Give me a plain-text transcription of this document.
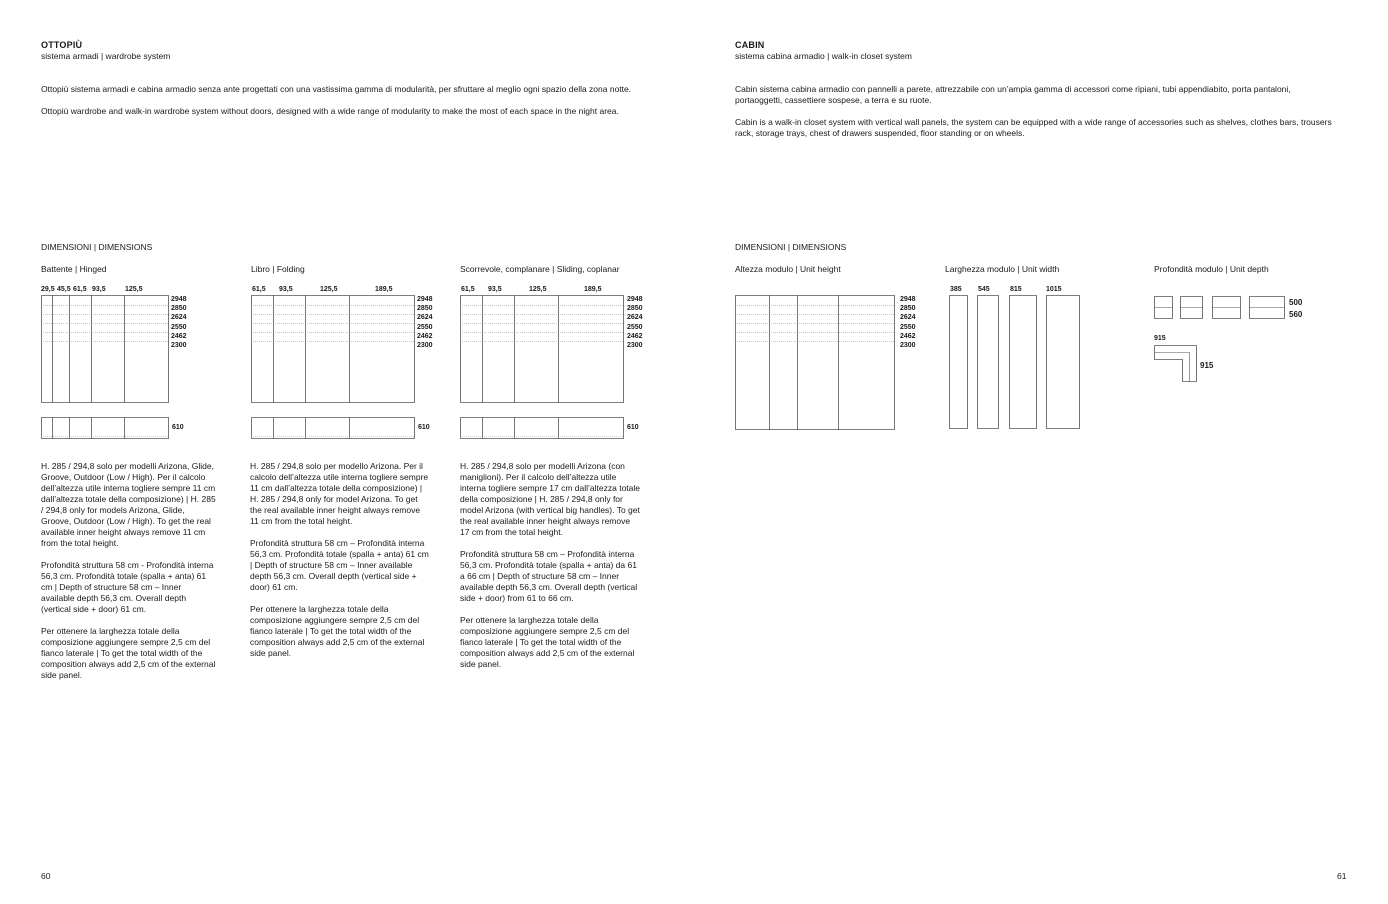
OTTOPIÙ
sistema armadi | wardrobe system

Ottopiù sistema armadi e cabina armadio senza ante progettati con una vastissima gamma di modularità, per sfruttare al meglio ogni spazio della zona notte.

Ottopiù wardrobe and walk-in wardrobe system without doors, designed with a wide range of modularity to make the most of each space in the night area.

CABIN
sistema cabina armadio | walk-in closet system

Cabin sistema cabina armadio con pannelli a parete, attrezzabile con un’ampia gamma di accessori come ripiani, tubi appendiabito, porta pantaloni, portaoggetti, cassettiere sospese, a terra e su ruote.

Cabin is a walk-in closet system with vertical wall panels, the system can be equipped with a wide range of accessories such as shelves, clothes bars, trousers rack, storage trays, chest of drawers suspended, floor standing or on wheels.

DIMENSIONI | DIMENSIONS	DIMENSIONI | DIMENSIONS
Battente | Hinged
29,5 45,5 61,5 93,5	125,5
2948
2850
2624
2550
2462
2300
610

H. 285 / 294,8 solo per modelli Arizona, Glide, Groove, Outdoor (Low / High). Per il calcolo dell’altezza utile interna togliere sempre 11 cm dall’altezza totale della composizione) | H. 285 / 294,8 only for models Arizona, Glide, Groove, Outdoor (Low / High). To get the real available inner height always remove 11 cm from the total height.

Profondità struttura 58 cm - Profondità interna 56,3 cm. Profondità totale (spalla + anta) 61 cm | Depth of structure 58 cm – Inner available depth 56,3 cm. Overall depth (vertical side + door) 61 cm.

Per ottenere la larghezza totale della composizione aggiungere sempre 2,5 cm del fianco laterale | To get the total width of the composition always add 2,5 cm of the external side panel.

Libro | Folding
61,5 93,5	125,5	189,5
2948
2850
2624
2550
2462
2300
610

H. 285 / 294,8 solo per modello Arizona. Per il calcolo dell’altezza utile interna togliere sempre 11 cm dall’altezza totale della composizione) | H. 285 / 294,8 only for model Arizona. To get the real available inner height always remove 11 cm from the total height.

Profondità struttura 58 cm – Profondità interna 56,3 cm. Profondità totale (spalla + anta) 61 cm | Depth of structure 58 cm – Inner available depth 56,3 cm. Overall depth (vertical side + door) 61 cm.

Per ottenere la larghezza totale della composizione aggiungere sempre 2,5 cm del fianco laterale | To get the total width of the composition always add 2,5 cm of the external side panel.

Scorrevole, complanare | Sliding, coplanar
61,5 93,5	125,5	189,5
2948
2850
2624
2550
2462
2300
610

H. 285 / 294,8 solo per modelli Arizona (con maniglioni). Per il calcolo dell’altezza utile interna togliere sempre 17 cm dall’altezza totale della composizione | H. 285 / 294,8 only for model Arizona (with vertical big handles). To get the real available inner height always remove 17 cm from the total height.

Profondità struttura 58 cm – Profondità interna 56,3 cm. Profondità totale (spalla + anta) da 61 a 66 cm | Depth of structure 58 cm – Inner available depth 56,3 cm. Overall depth (vertical side + door) from 61 to 66 cm.

Per ottenere la larghezza totale della composizione aggiungere sempre 2,5 cm del fianco laterale | To get the total width of the composition always add 2,5 cm of the external side panel.

Altezza modulo | Unit height
2948
2850
2624
2550
2462
2300
Larghezza modulo | Unit width
385 545	815	1015
Profondità modulo | Unit depth
500
560
915
915
60	61
